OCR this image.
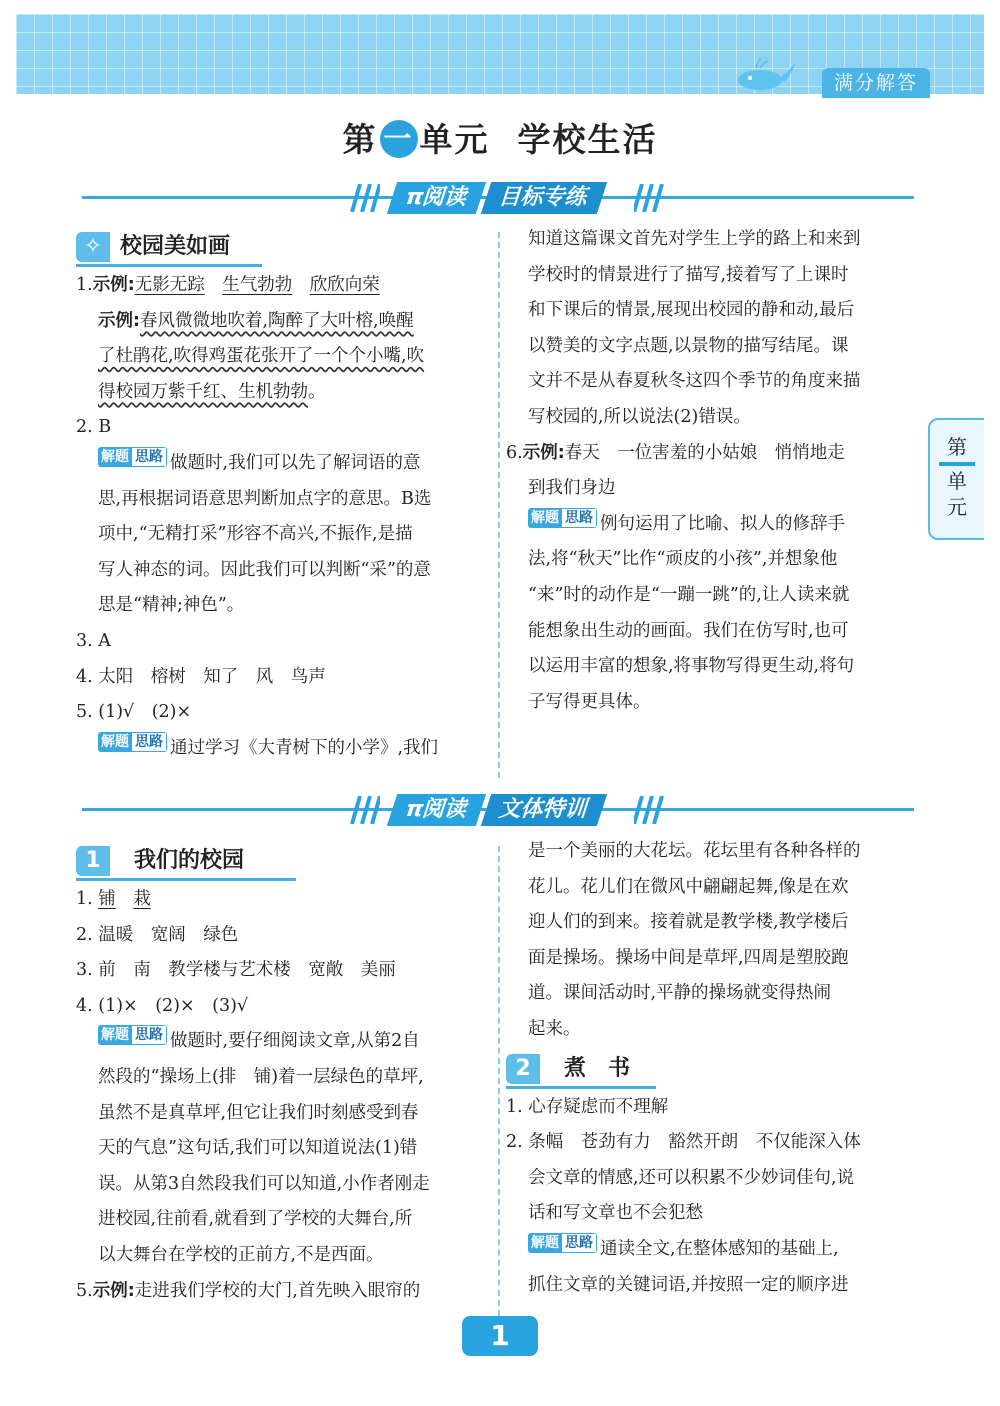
满分解答
第 一 单元 学校生活
π阅读	目标专练
第
单
元
✧ 校园美如画

1.示例:无影无踪　 生气勃勃　 欣欣向荣

示例:春风微微地吹着,陶醉了大叶榕,唤醒

了杜鹃花,吹得鸡蛋花张开了一个个小嘴,吹

得校园万紫千红、生机勃勃。

2. B

解题 思路 做题时,我们可以先了解词语的意

思,再根据词语意思判断加点字的意思。B选

项中,“无精打采”形容不高兴,不振作,是描

写人神态的词。因此我们可以判断“采”的意

思是“精神;神色”。

3. A

4. 太阳　榕树　知了　风　鸟声

5. (1)√　(2)×

解题 思路 通过学习《大青树下的小学》,我们

知道这篇课文首先对学生上学的路上和来到

学校时的情景进行了描写,接着写了上课时

和下课后的情景,展现出校园的静和动,最后

以赞美的文字点题,以景物的描写结尾。课

文并不是从春夏秋冬这四个季节的角度来描

写校园的,所以说法(2)错误。

6.示例:春天　一位害羞的小姑娘　悄悄地走

到我们身边

解题 思路 例句运用了比喻、拟人的修辞手

法,将“秋天”比作“顽皮的小孩”,并想象他

“来”时的动作是“一蹦一跳”的,让人读来就

能想象出生动的画面。我们在仿写时,也可

以运用丰富的想象,将事物写得更生动,将句

子写得更具体。

π阅读	文体特训
1	我们的校园

1. 铺　 栽

2. 温暖　宽阔　绿色

3. 前　南　教学楼与艺术楼　宽敞　美丽

4. (1)×　(2)×　(3)√

解题 思路 做题时,要仔细阅读文章,从第2自

然段的“操场上(排　铺)着一层绿色的草坪,

虽然不是真草坪,但它让我们时刻感受到春

天的气息”这句话,我们可以知道说法(1)错

误。从第3自然段我们可以知道,小作者刚走

进校园,往前看,就看到了学校的大舞台,所

以大舞台在学校的正前方,不是西面。

5.示例:走进我们学校的大门,首先映入眼帘的

是一个美丽的大花坛。花坛里有各种各样的

花儿。花儿们在微风中翩翩起舞,像是在欢

迎人们的到来。接着就是教学楼,教学楼后

面是操场。操场中间是草坪,四周是塑胶跑

道。课间活动时,平静的操场就变得热闹

起来。

2	煮　书

1. 心存疑虑而不理解

2. 条幅　苍劲有力　豁然开朗　不仅能深入体

会文章的情感,还可以积累不少妙词佳句,说

话和写文章也不会犯愁

解题 思路 通读全文,在整体感知的基础上,

抓住文章的关键词语,并按照一定的顺序进

1
